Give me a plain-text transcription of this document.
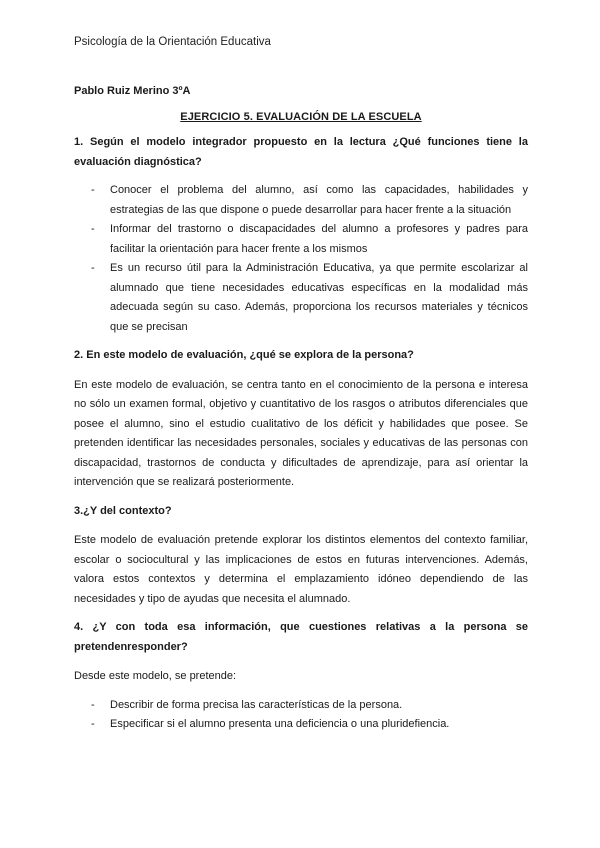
Psicología de la Orientación Educativa

Pablo Ruiz Merino 3ºA

EJERCICIO 5. EVALUACIÓN DE LA ESCUELA

1. Según el modelo integrador propuesto en la lectura ¿Qué funciones tiene la evaluación diagnóstica?

- Conocer el problema del alumno, así como las capacidades, habilidades y estrategias de las que dispone o puede desarrollar para hacer frente a la situación
- Informar del trastorno o discapacidades del alumno a profesores y padres para facilitar la orientación para hacer frente a los mismos
- Es un recurso útil para la Administración Educativa, ya que permite escolarizar al alumnado que tiene necesidades educativas específicas en la modalidad más adecuada según su caso. Además, proporciona los recursos materiales y técnicos que se precisan

2. En este modelo de evaluación, ¿qué se explora de la persona?

En este modelo de evaluación, se centra tanto en el conocimiento de la persona e interesa no sólo un examen formal, objetivo y cuantitativo de los rasgos o atributos diferenciales que posee el alumno, sino el estudio cualitativo de los déficit y habilidades que posee. Se pretenden identificar las necesidades personales, sociales y educativas de las personas con discapacidad, trastornos de conducta y dificultades de aprendizaje, para así orientar la intervención que se realizará posteriormente.

3.¿Y del contexto?

Este modelo de evaluación pretende explorar los distintos elementos del contexto familiar, escolar o sociocultural y las implicaciones de estos en futuras intervenciones. Además, valora estos contextos y determina el emplazamiento idóneo dependiendo de las necesidades y tipo de ayudas que necesita el alumnado.

4. ¿Y con toda esa información, que cuestiones relativas a la persona se pretendenresponder?

Desde este modelo, se pretende:

- Describir de forma precisa las características de la persona.
- Especificar si el alumno presenta una deficiencia o una pluridefiencia.
